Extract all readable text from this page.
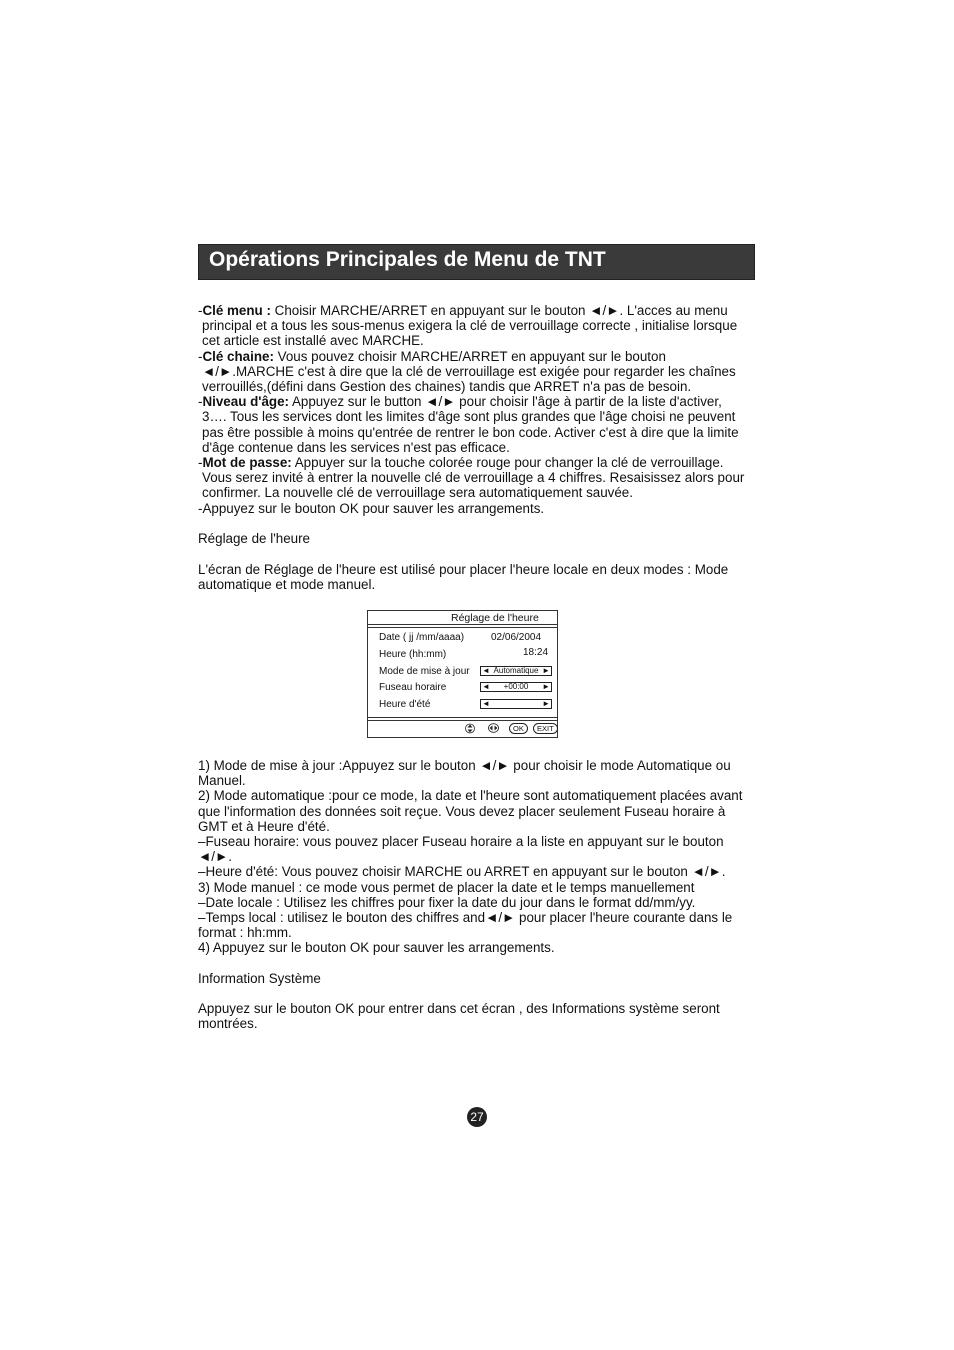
Opérations Principales de Menu de TNT

-Clé menu : Choisir MARCHE/ARRET en appuyant sur le bouton ◄/►. L'acces au menu

principal et a tous les sous-menus exigera la clé de verrouillage correcte , initialise lorsque

cet article est installé avec MARCHE.

-Clé chaine: Vous pouvez choisir MARCHE/ARRET en appuyant sur le bouton

◄/►.MARCHE c'est à dire que la clé de verrouillage est exigée pour regarder les chaînes

verrouillés,(défini dans Gestion des chaines) tandis que ARRET n'a pas de besoin.

-Niveau d'âge: Appuyez sur le button ◄/► pour choisir l'âge à partir de la liste d'activer,

3…. Tous les services dont les limites d'âge sont plus grandes que l'âge choisi ne peuvent

pas être possible à moins qu'entrée de rentrer le bon code. Activer c'est à dire que la limite

d'âge contenue dans les services n'est pas efficace.

-Mot de passe: Appuyer sur la touche colorée rouge pour changer la clé de verrouillage.

Vous serez invité à entrer la nouvelle clé de verrouillage a 4 chiffres. Resaisissez alors pour

confirmer. La nouvelle clé de verrouillage sera automatiquement sauvée.

-Appuyez sur le bouton OK pour sauver les arrangements.

Réglage de l'heure

L'écran de Réglage de l'heure est utilisé pour placer l'heure locale en deux modes : Mode

automatique et mode manuel.

Réglage de l'heure
Date ( jj /mm/aaaa)	02/06/2004
Heure (hh:mm)	18:24
Mode de mise à jour ◄ Automatique ►
Fuseau horaire	◄ +00:00 ►
Heure d'été	◄	►
OK	EXIT

1) Mode de mise à jour :Appuyez sur le bouton ◄/► pour choisir le mode Automatique ou

Manuel.

2) Mode automatique :pour ce mode, la date et l'heure sont automatiquement placées avant

que l'information des données soit reçue. Vous devez placer seulement Fuseau horaire à

GMT et à Heure d'été.

–Fuseau horaire: vous pouvez placer Fuseau horaire a la liste en appuyant sur le bouton

◄/►.

–Heure d'été: Vous pouvez choisir MARCHE ou ARRET en appuyant sur le bouton ◄/►.

3) Mode manuel : ce mode vous permet de placer la date et le temps manuellement

–Date locale : Utilisez les chiffres pour fixer la date du jour dans le format dd/mm/yy.

–Temps local : utilisez le bouton des chiffres and◄/► pour placer l'heure courante dans le

format : hh:mm.

4) Appuyez sur le bouton OK pour sauver les arrangements.

Information Système

Appuyez sur le bouton OK pour entrer dans cet écran , des Informations système seront

montrées.

27
